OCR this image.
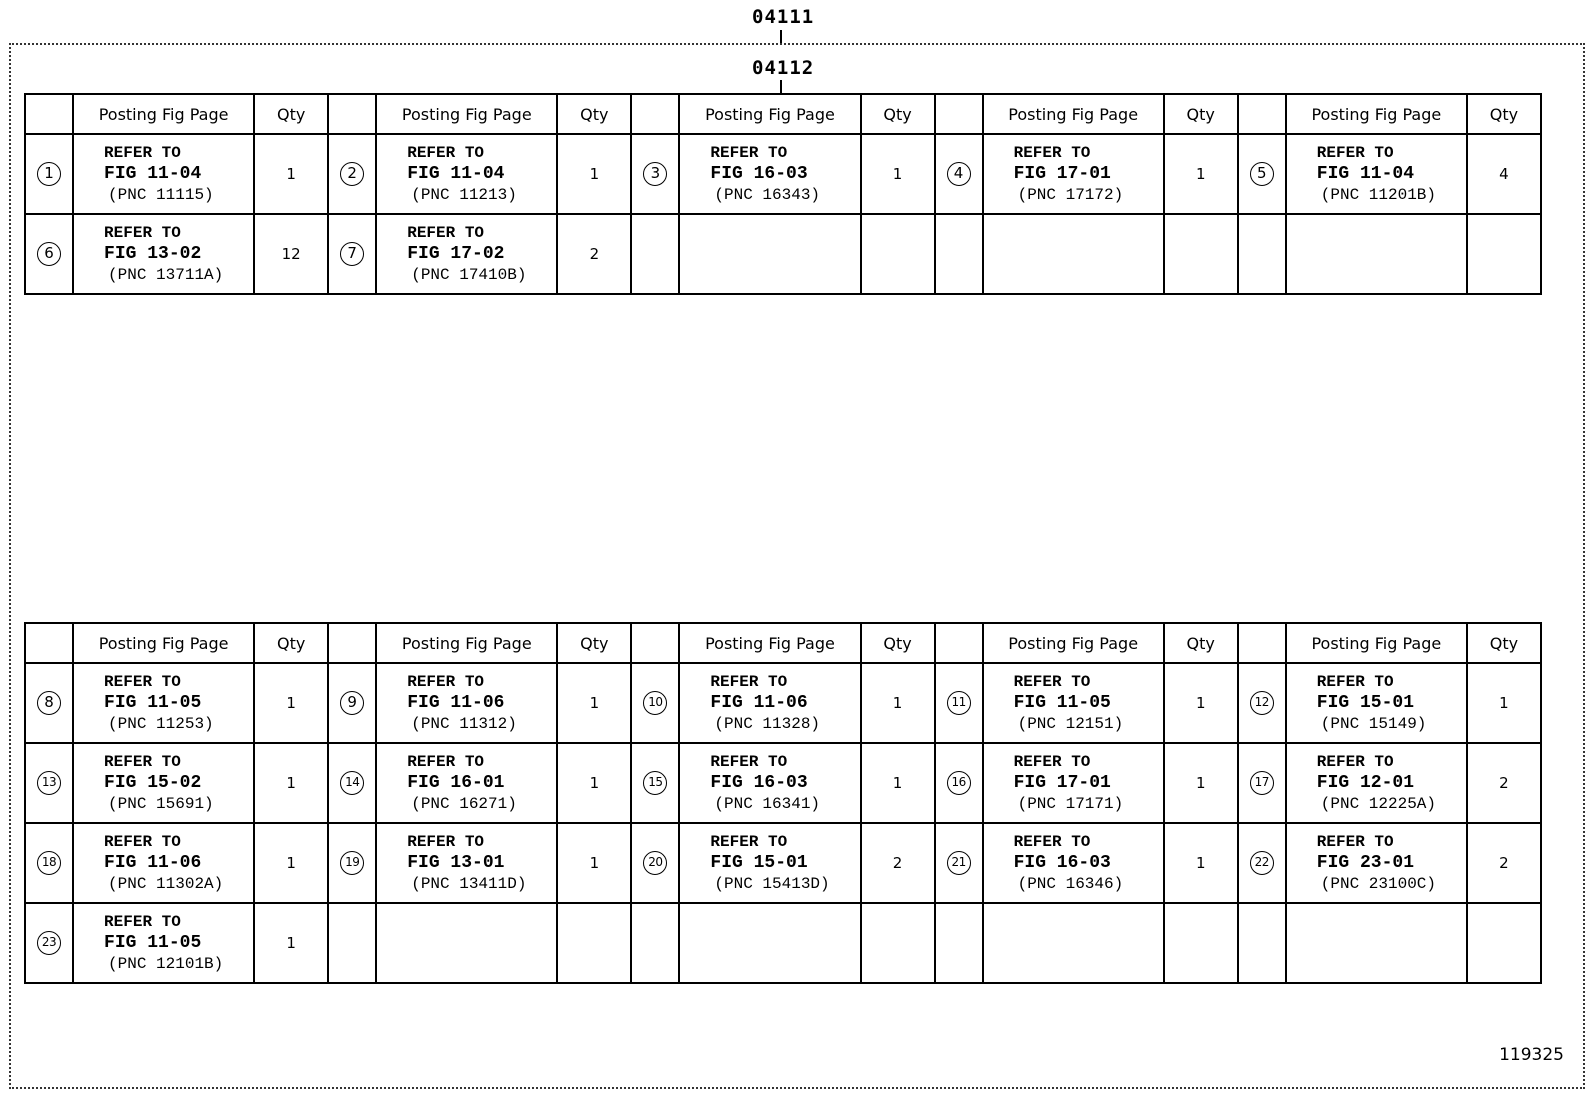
04111
04112
	Posting Fig Page	Qty		Posting Fig Page	Qty		Posting Fig Page	Qty		Posting Fig Page	Qty		Posting Fig Page	Qty
1	REFER TO
FIG 11-04
(PNC 11115)	1	2	REFER TO
FIG 11-04
(PNC 11213)	1	3	REFER TO
FIG 16-03
(PNC 16343)	1	4	REFER TO
FIG 17-01
(PNC 17172)	1	5	REFER TO
FIG 11-04
(PNC 11201B)	4
6	REFER TO
FIG 13-02
(PNC 13711A)	12	7	REFER TO
FIG 17-02
(PNC 17410B)	2									
	Posting Fig Page	Qty		Posting Fig Page	Qty		Posting Fig Page	Qty		Posting Fig Page	Qty		Posting Fig Page	Qty
8	REFER TO
FIG 11-05
(PNC 11253)	1	9	REFER TO
FIG 11-06
(PNC 11312)	1	10	REFER TO
FIG 11-06
(PNC 11328)	1	11	REFER TO
FIG 11-05
(PNC 12151)	1	12	REFER TO
FIG 15-01
(PNC 15149)	1
13	REFER TO
FIG 15-02
(PNC 15691)	1	14	REFER TO
FIG 16-01
(PNC 16271)	1	15	REFER TO
FIG 16-03
(PNC 16341)	1	16	REFER TO
FIG 17-01
(PNC 17171)	1	17	REFER TO
FIG 12-01
(PNC 12225A)	2
18	REFER TO
FIG 11-06
(PNC 11302A)	1	19	REFER TO
FIG 13-01
(PNC 13411D)	1	20	REFER TO
FIG 15-01
(PNC 15413D)	2	21	REFER TO
FIG 16-03
(PNC 16346)	1	22	REFER TO
FIG 23-01
(PNC 23100C)	2
23	REFER TO
FIG 11-05
(PNC 12101B)	1												
119325
